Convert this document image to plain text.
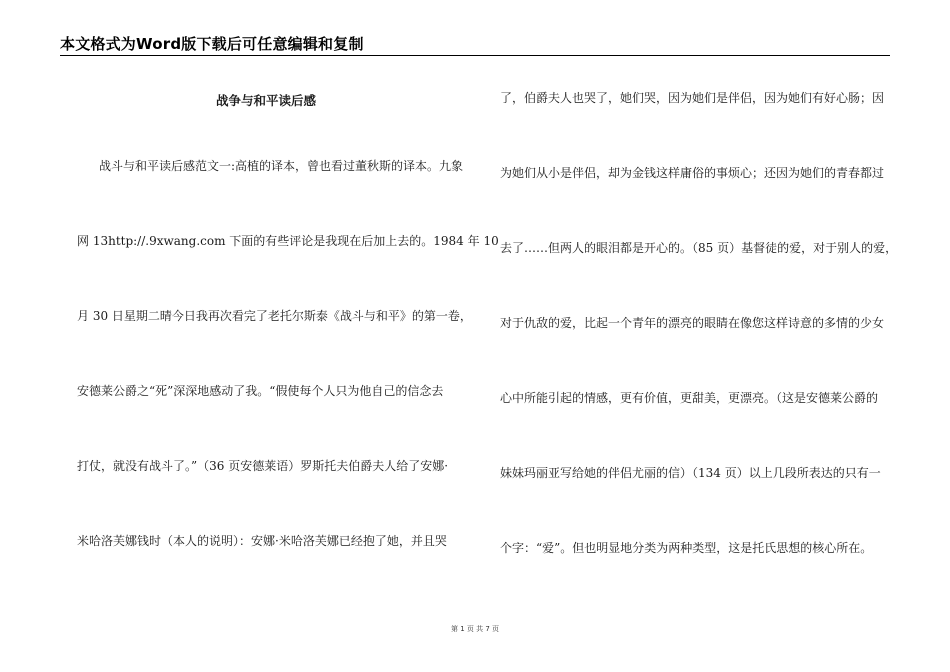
本文格式为Word版下载后可任意编辑和复制
战争与和平读后感
战斗与和平读后感范文一:高植的译本，曾也看过董秋斯的译本。九象
网 13http://.9xwang.com 下面的有些评论是我现在后加上去的。1984 年 10
月 30 日星期二晴今日我再次看完了老托尔斯泰《战斗与和平》的第一卷，
安德莱公爵之“死”深深地感动了我。“假使每个人只为他自己的信念去
打仗，就没有战斗了。”（36 页安德莱语）罗斯托夫伯爵夫人给了安娜·
米哈洛芙娜钱时（本人的说明）：安娜·米哈洛芙娜已经抱了她，并且哭
了，伯爵夫人也哭了，她们哭，因为她们是伴侣，因为她们有好心肠；因
为她们从小是伴侣，却为金钱这样庸俗的事烦心；还因为她们的青春都过
去了……但两人的眼泪都是开心的。（85 页）基督徒的爱，对于别人的爱，
对于仇敌的爱，比起一个青年的漂亮的眼睛在像您这样诗意的多情的少女
心中所能引起的情感，更有价值，更甜美，更漂亮。（这是安德莱公爵的
妹妹玛丽亚写给她的伴侣尤丽的信）（134 页）以上几段所表达的只有一
个字：“爱”。但也明显地分类为两种类型，这是托氏思想的核心所在。
第 1 页 共 7 页
